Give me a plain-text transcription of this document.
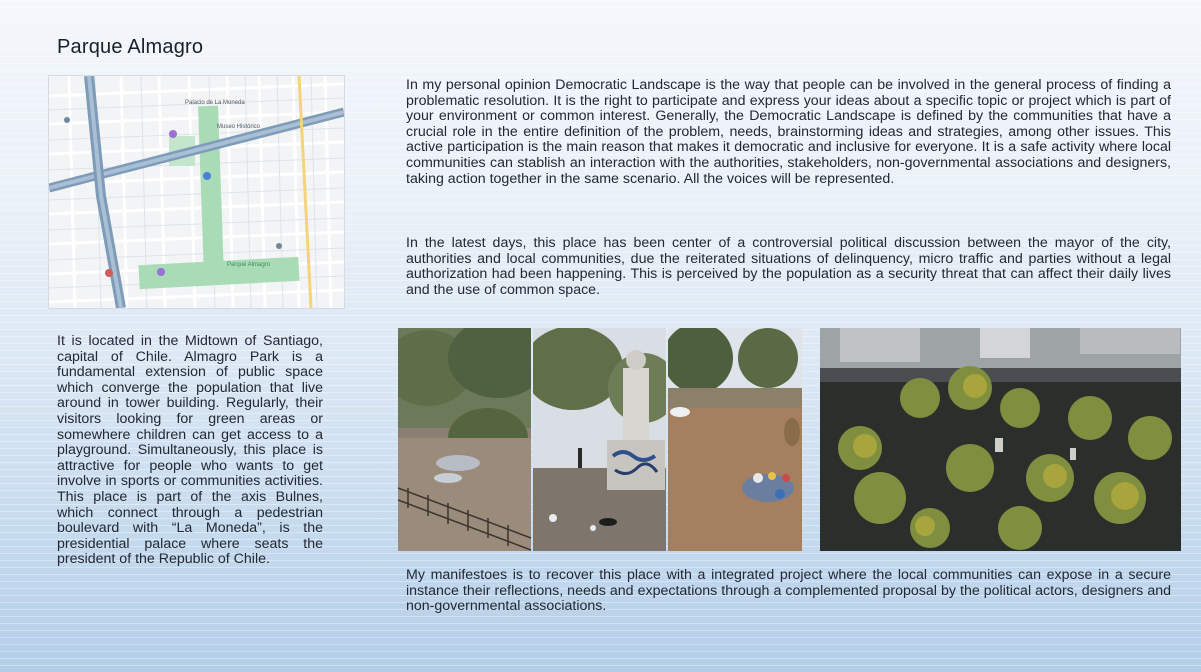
Parque Almagro
Palacio de La Moneda
Museo Histórico
Parque Almagro
In my personal opinion Democratic Landscape is the way that people can be involved in the general process of finding a problematic resolution. It is the right to participate and express your ideas about a specific topic or project which is part of your environment or common interest. Generally, the Democratic Landscape is defined by the communities that have a crucial role in the entire definition of the problem, needs, brainstorming ideas and strategies, among other issues. This active participation is the main reason that makes it democratic and inclusive for everyone. It is a safe activity where local communities can stablish an interaction with the authorities, stakeholders, non-governmental associations and designers, taking action together in the same scenario. All the voices will be represented.
In the latest days, this place has been center of a controversial political discussion between the mayor of the city, authorities and local communities, due the reiterated situations of delinquency, micro traffic and parties without a legal authorization had been happening. This is perceived by the population as a security threat that can affect their daily lives and the use of common space.
It is located in the Midtown of Santiago, capital of Chile. Almagro Park is a fundamental extension of public space which converge the population that live around in tower building. Regularly, their visitors looking for green areas or somewhere children can get access to a playground. Simultaneously, this place is attractive for people who wants to get involve in sports or communities activities. This place is part of the axis Bulnes, which connect through a pedestrian boulevard with “La Moneda”, is the presidential palace where seats the president of the Republic of Chile.
My manifestoes is to recover this place with a integrated project where the local communities can expose in a secure instance their reflections, needs and expectations through a complemented proposal by the political actors, designers and non-governmental associations.
